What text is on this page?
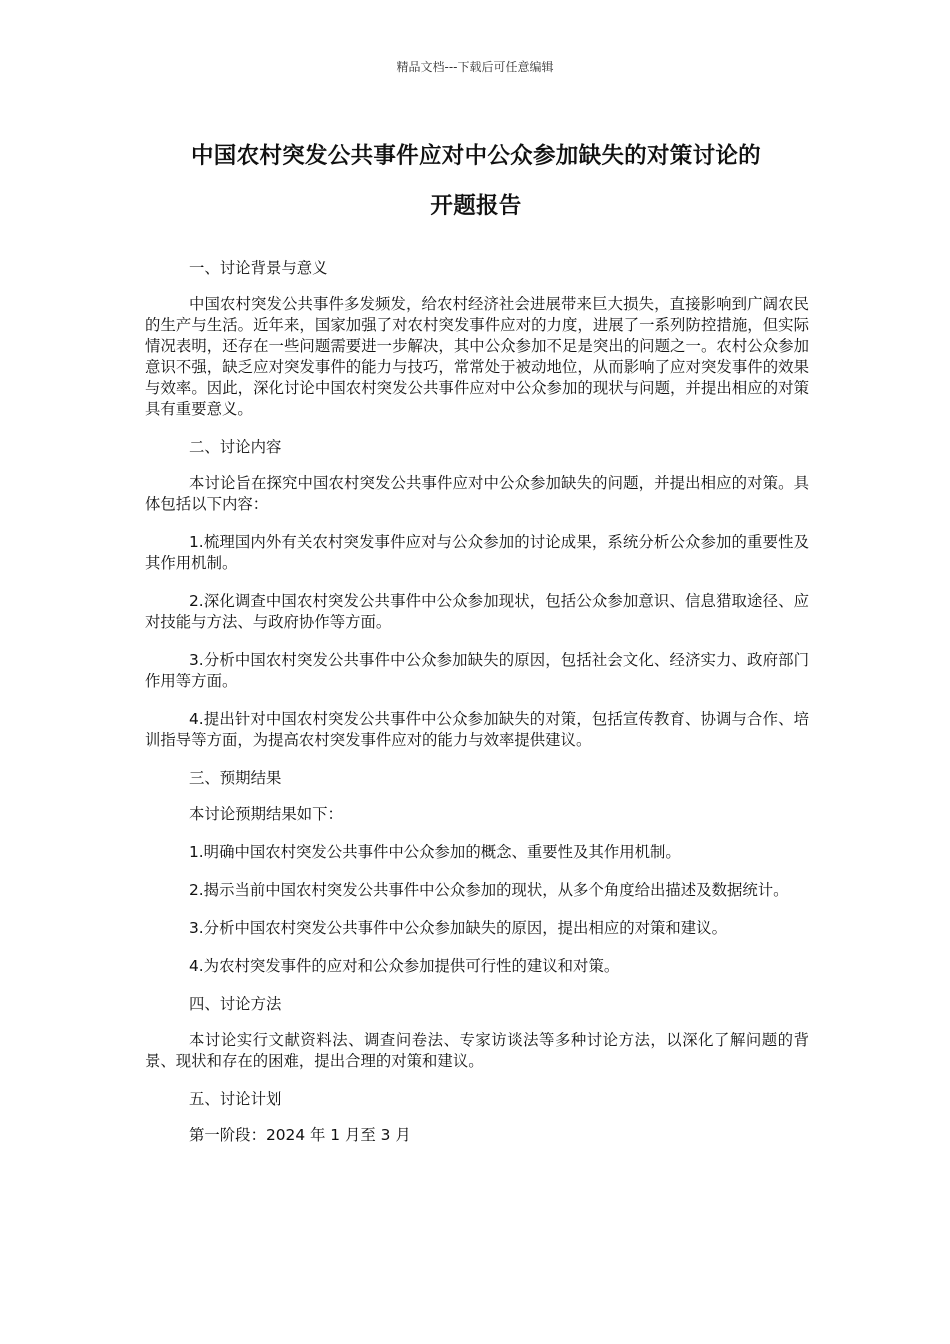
精品文档---下载后可任意编辑
中国农村突发公共事件应对中公众参加缺失的对策讨论的
开题报告

一、讨论背景与意义

中国农村突发公共事件多发频发，给农村经济社会进展带来巨大损失，直接影响到广阔农民的生产与生活。近年来，国家加强了对农村突发事件应对的力度，进展了一系列防控措施，但实际情况表明，还存在一些问题需要进一步解决，其中公众参加不足是突出的问题之一。农村公众参加意识不强，缺乏应对突发事件的能力与技巧，常常处于被动地位，从而影响了应对突发事件的效果与效率。因此，深化讨论中国农村突发公共事件应对中公众参加的现状与问题，并提出相应的对策具有重要意义。

二、讨论内容

本讨论旨在探究中国农村突发公共事件应对中公众参加缺失的问题，并提出相应的对策。具体包括以下内容：

1.梳理国内外有关农村突发事件应对与公众参加的讨论成果，系统分析公众参加的重要性及其作用机制。

2.深化调查中国农村突发公共事件中公众参加现状，包括公众参加意识、信息猎取途径、应对技能与方法、与政府协作等方面。

3.分析中国农村突发公共事件中公众参加缺失的原因，包括社会文化、经济实力、政府部门作用等方面。

4.提出针对中国农村突发公共事件中公众参加缺失的对策，包括宣传教育、协调与合作、培训指导等方面，为提高农村突发事件应对的能力与效率提供建议。

三、预期结果

本讨论预期结果如下：

1.明确中国农村突发公共事件中公众参加的概念、重要性及其作用机制。

2.揭示当前中国农村突发公共事件中公众参加的现状，从多个角度给出描述及数据统计。

3.分析中国农村突发公共事件中公众参加缺失的原因，提出相应的对策和建议。

4.为农村突发事件的应对和公众参加提供可行性的建议和对策。

四、讨论方法

本讨论实行文献资料法、调查问卷法、专家访谈法等多种讨论方法，以深化了解问题的背景、现状和存在的困难，提出合理的对策和建议。

五、讨论计划

第一阶段：2024 年 1 月至 3 月
